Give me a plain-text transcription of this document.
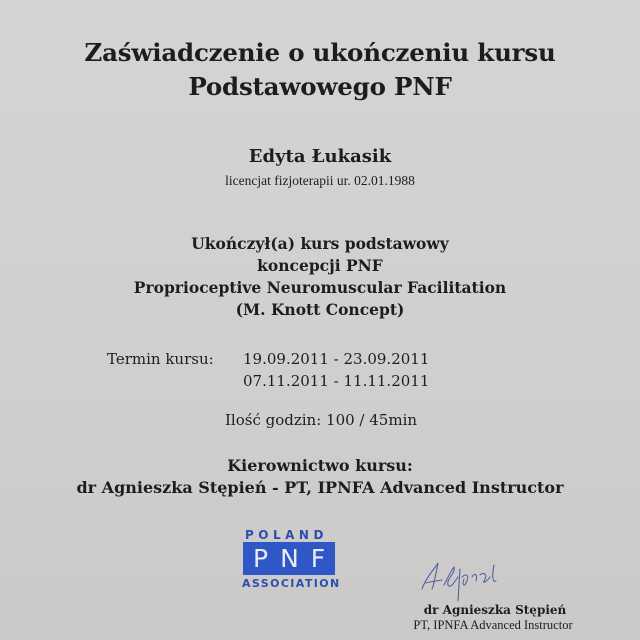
Zaświadczenie o ukończeniu kursu
Podstawowego PNF
Edyta Łukasik
licencjat fizjoterapii ur. 02.01.1988
Ukończył(a) kurs podstawowy
koncepcji PNF
Proprioceptive Neuromuscular Facilitation
(M. Knott Concept)
Termin kursu: 19.09.2011 - 23.09.2011
07.11.2011 - 11.11.2011
Ilość godzin: 100 / 45min
Kierownictwo kursu:
dr Agnieszka Stępień - PT, IPNFA Advanced Instructor
POLAND
PNF
ASSOCIATION
dr Agnieszka Stępień
PT, IPNFA Advanced Instructor
